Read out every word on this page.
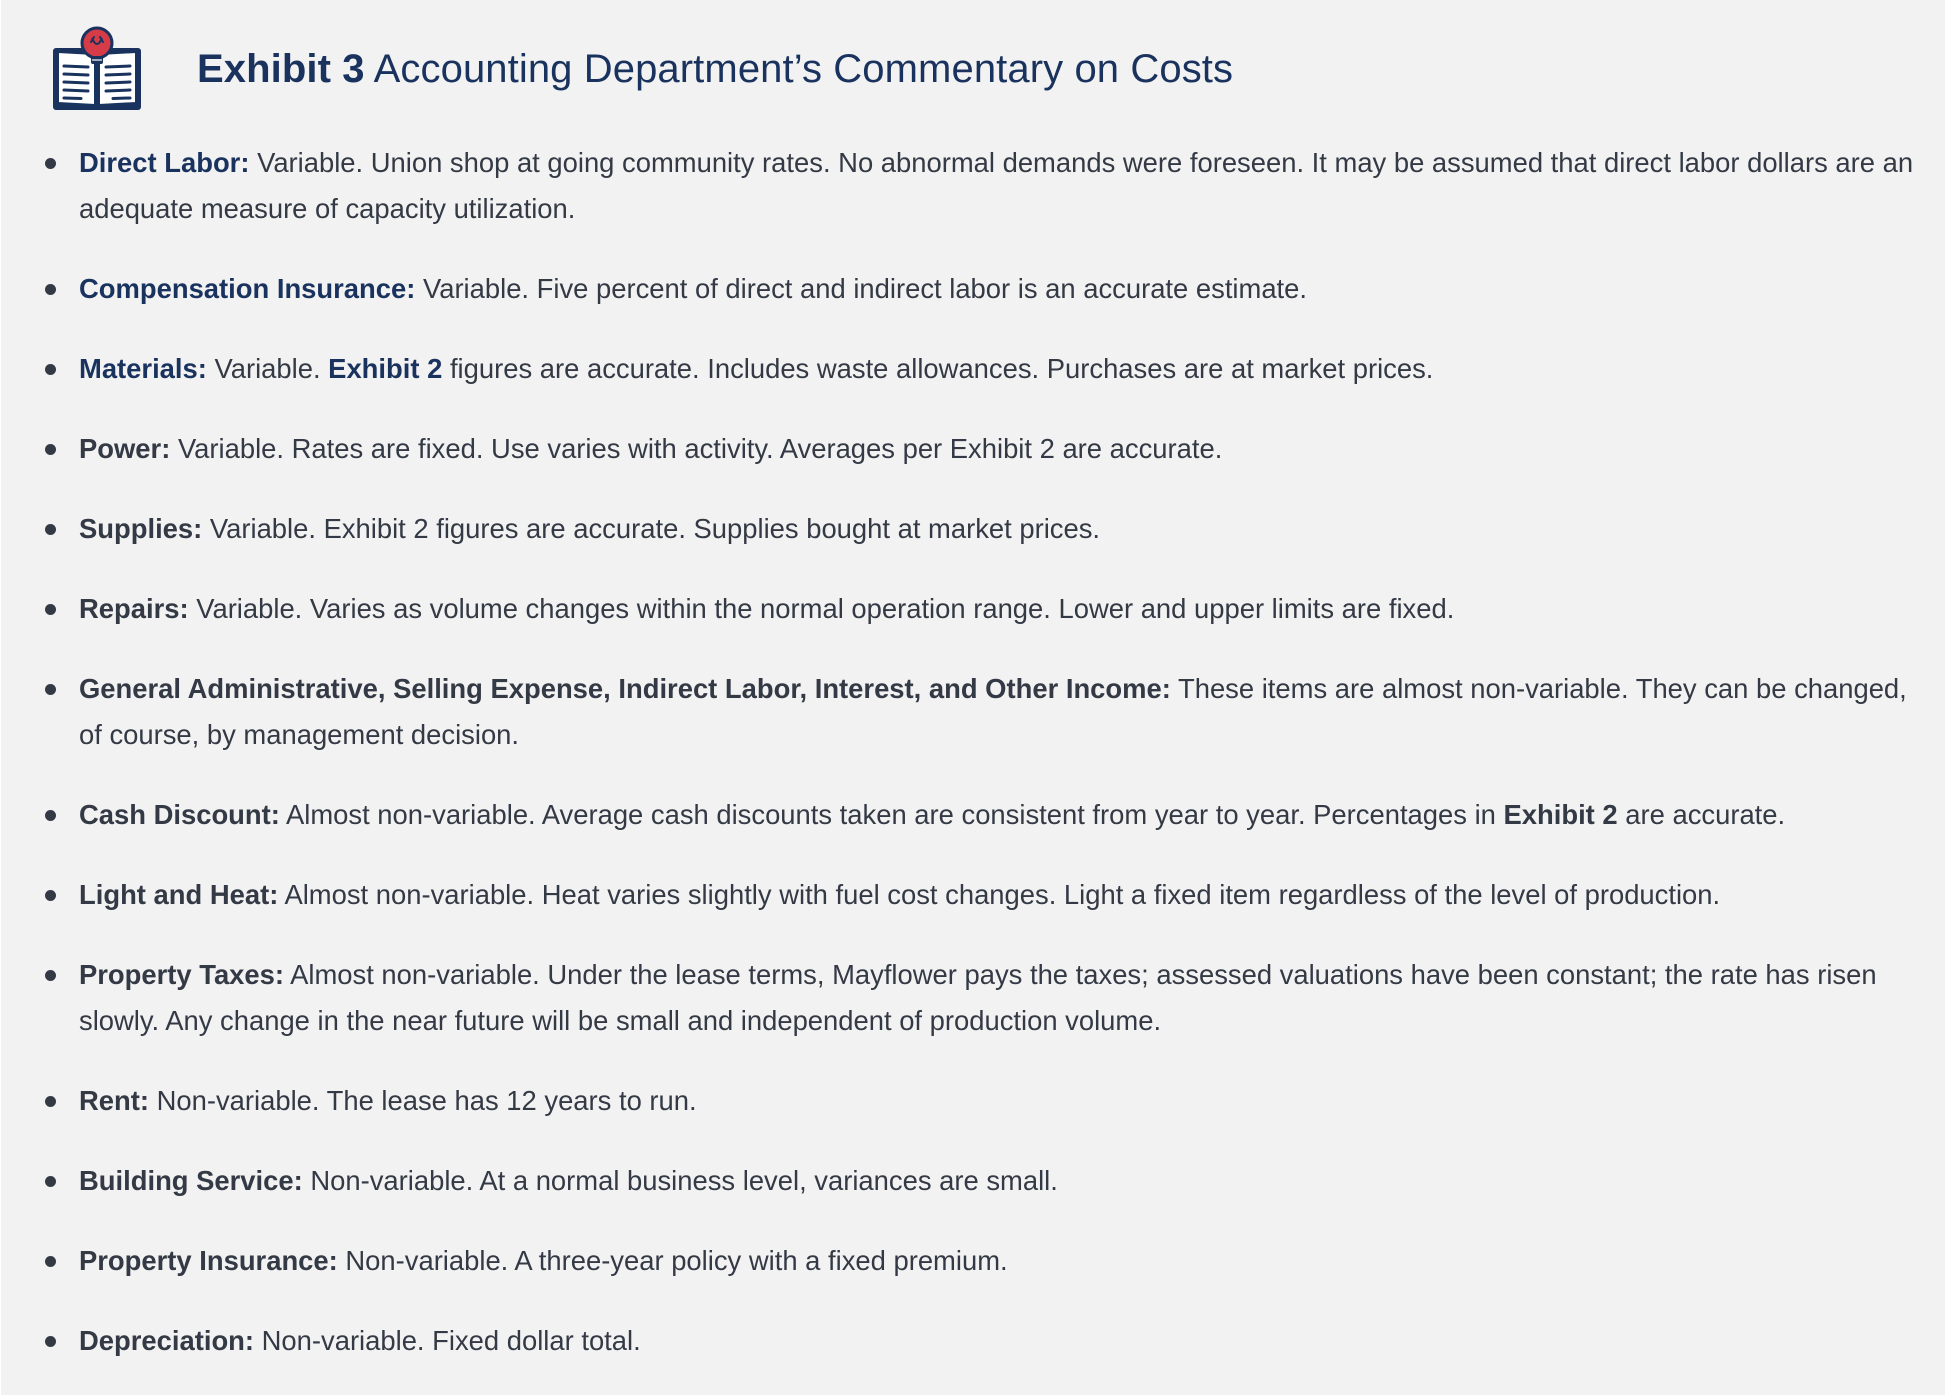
Exhibit 3 Accounting Department’s Commentary on Costs
Direct Labor: Variable. Union shop at going community rates. No abnormal demands were foreseen. It may be assumed that direct labor dollars are an adequate measure of capacity utilization.
Compensation Insurance: Variable. Five percent of direct and indirect labor is an accurate estimate.
Materials: Variable. Exhibit 2 figures are accurate. Includes waste allowances. Purchases are at market prices.
Power: Variable. Rates are fixed. Use varies with activity. Averages per Exhibit 2 are accurate.
Supplies: Variable. Exhibit 2 figures are accurate. Supplies bought at market prices.
Repairs: Variable. Varies as volume changes within the normal operation range. Lower and upper limits are fixed.
General Administrative, Selling Expense, Indirect Labor, Interest, and Other Income: These items are almost non-variable. They can be changed, of course, by management decision.
Cash Discount: Almost non-variable. Average cash discounts taken are consistent from year to year. Percentages in Exhibit 2 are accurate.
Light and Heat: Almost non-variable. Heat varies slightly with fuel cost changes. Light a fixed item regardless of the level of production.
Property Taxes: Almost non-variable. Under the lease terms, Mayflower pays the taxes; assessed valuations have been constant; the rate has risen slowly. Any change in the near future will be small and independent of production volume.
Rent: Non-variable. The lease has 12 years to run.
Building Service: Non-variable. At a normal business level, variances are small.
Property Insurance: Non-variable. A three-year policy with a fixed premium.
Depreciation: Non-variable. Fixed dollar total.
